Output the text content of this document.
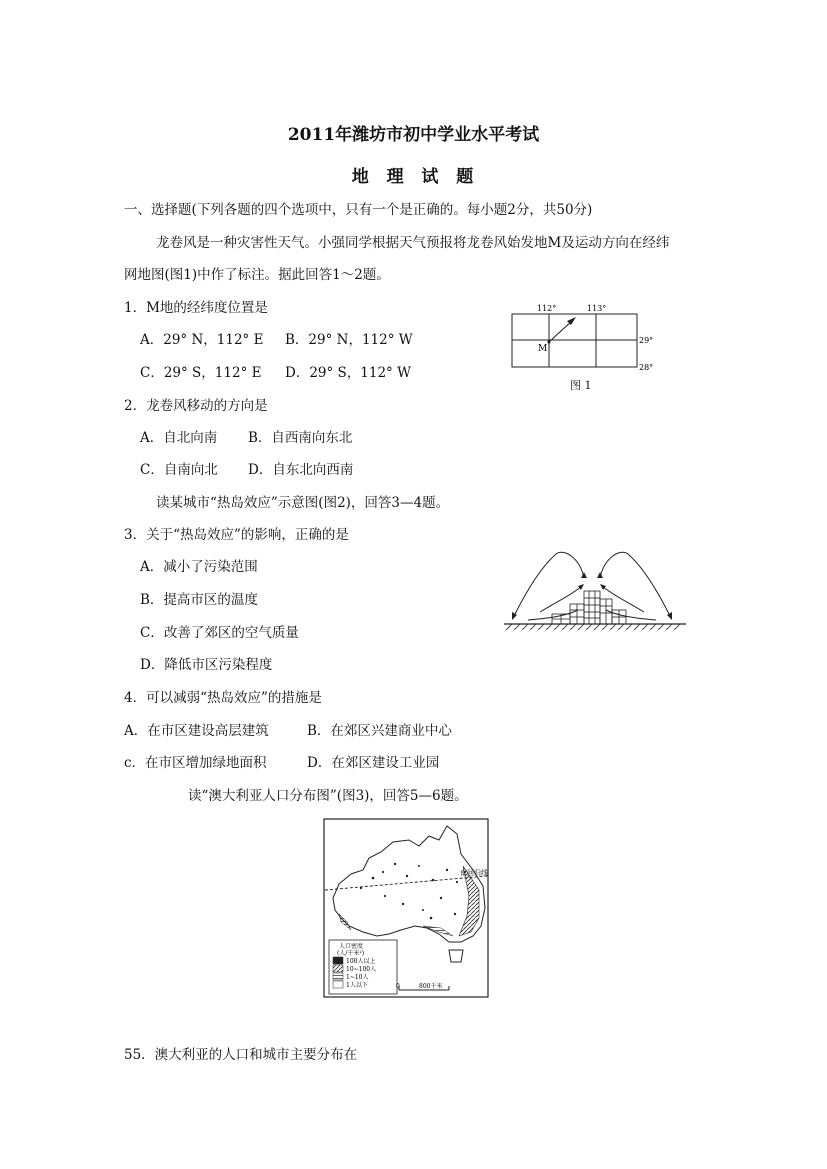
2011年潍坊市初中学业水平考试
地  理  试  题
一、选择题(下列各题的四个选项中，只有一个是正确的。每小题2分，共50分)
龙卷风是一种灾害性天气。小强同学根据天气预报将龙卷风始发地M及运动方向在经纬
网地图(图1)中作了标注。据此回答1～2题。
1．M地的经纬度位置是
A．29° N，112° E B．29° N，112° W
C．29° S，112° E D．29° S，112° W
2．龙卷风移动的方向是
A．自北向南 B．自西南向东北
C．自南向北 D．自东北向西南
读某城市“热岛效应”示意图(图2)，回答3—4题。
3．关于“热岛效应”的影响，正确的是
A．减小了污染范围
B．提高市区的温度
C．改善了郊区的空气质量
D．降低市区污染程度
4．可以减弱“热岛效应”的措施是
A．在市区建设高层建筑	B．在郊区兴建商业中心
c．在市区增加绿地面积	D．在郊区建设工业园
读“澳大利亚人口分布图”(图3)，回答5—6题。
55．澳大利亚的人口和城市主要分布在
112°	113°
29°
28°
M
图 1
南回归线
人口密度
(人/千米²)
100人以上
10~100人
1~10人
1人以下	0	800千米
